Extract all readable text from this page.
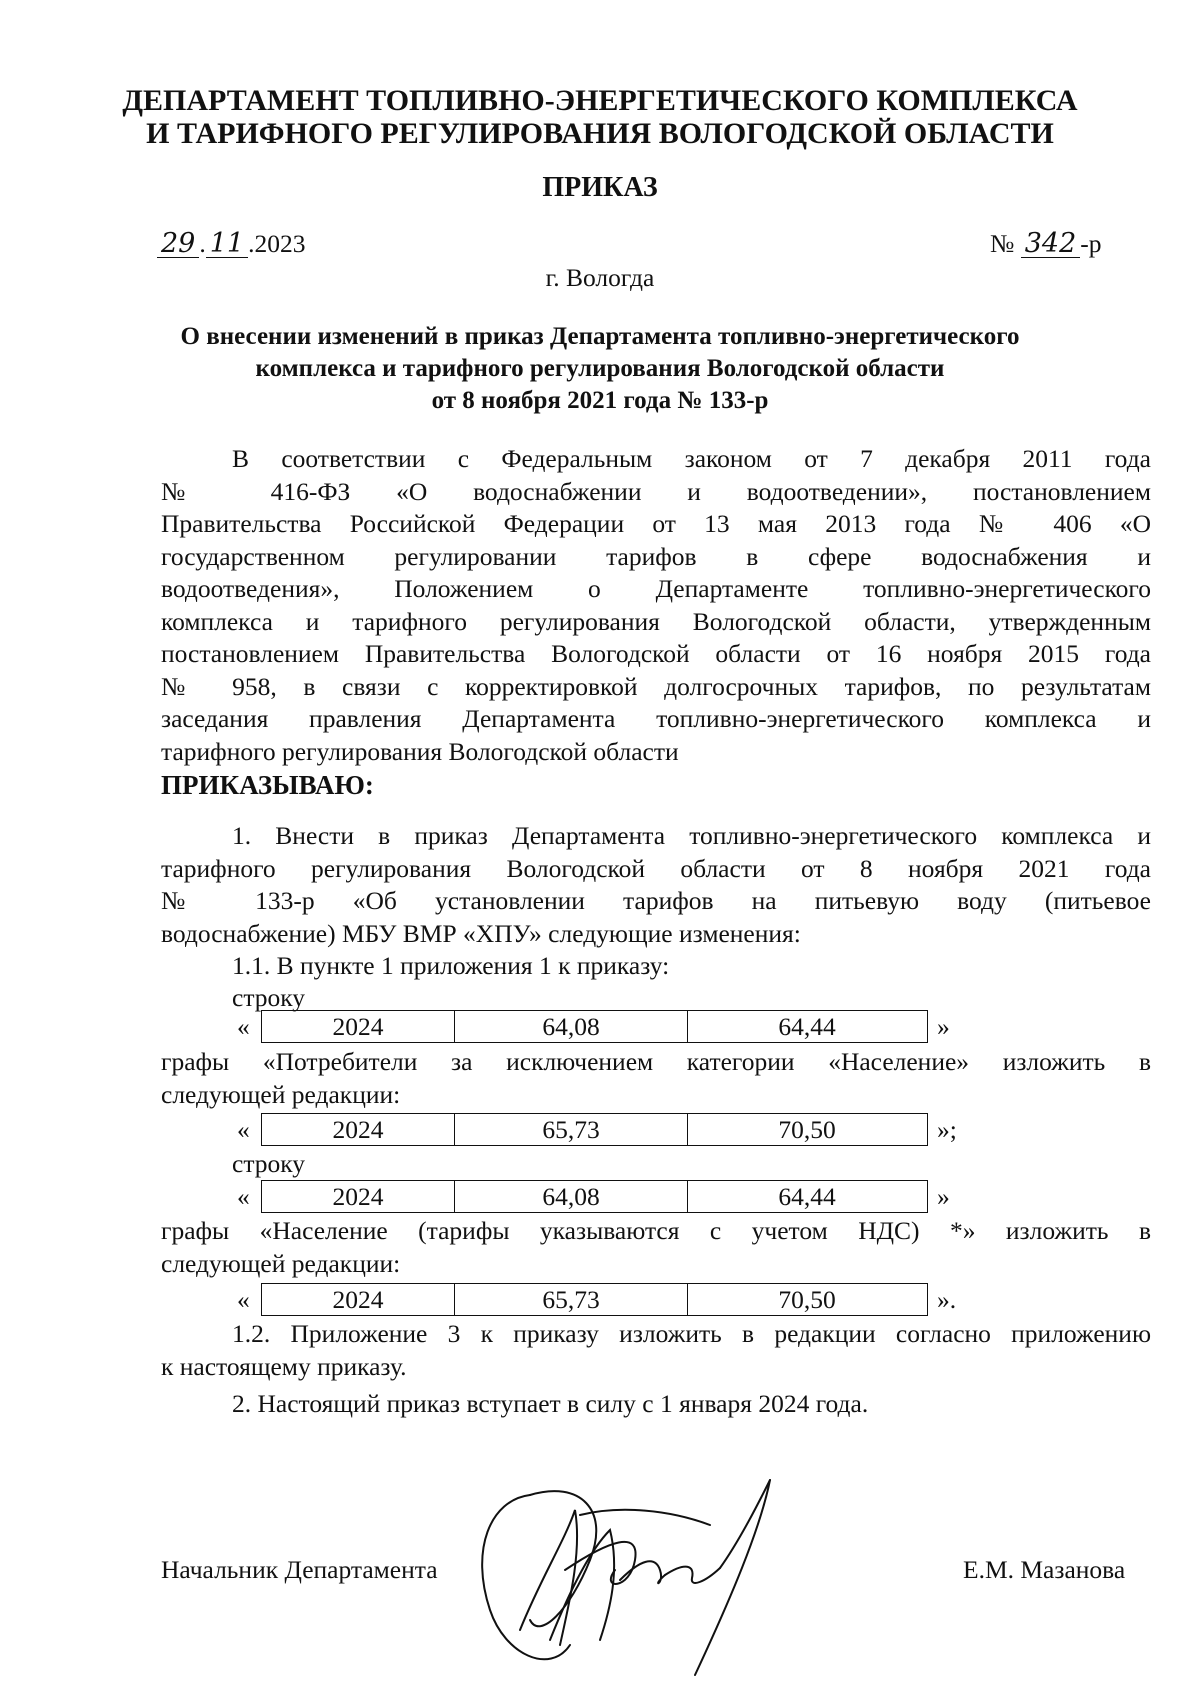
ДЕПАРТАМЕНТ ТОПЛИВНО-ЭНЕРГЕТИЧЕСКОГО КОМПЛЕКСА
И ТАРИФНОГО РЕГУЛИРОВАНИЯ ВОЛОГОДСКОЙ ОБЛАСТИ
ПРИКАЗ
29 . 11 .2023	№ 342 -р
г. Вологда
О внесении изменений в приказ Департамента топливно-энергетического
комплекса и тарифного регулирования Вологодской области
от 8 ноября 2021 года № 133-р
В соответствии с Федеральным законом от 7 декабря 2011 года
№ 416-ФЗ «О водоснабжении и водоотведении», постановлением
Правительства Российской Федерации от 13 мая 2013 года № 406 «О
государственном регулировании тарифов в сфере водоснабжения и
водоотведения», Положением о Департаменте топливно-энергетического
комплекса и тарифного регулирования Вологодской области, утвержденным
постановлением Правительства Вологодской области от 16 ноября 2015 года
№ 958, в связи с корректировкой долгосрочных тарифов, по результатам
заседания правления Департамента топливно-энергетического комплекса и
тарифного регулирования Вологодской области
ПРИКАЗЫВАЮ:
1. Внести в приказ Департамента топливно-энергетического комплекса и
тарифного регулирования Вологодской области от 8 ноября 2021 года
№ 133-р «Об установлении тарифов на питьевую воду (питьевое
водоснабжение) МБУ ВМР «ХПУ» следующие изменения:
1.1. В пункте 1 приложения 1 к приказу:
строку
«	2024	64,08	64,44	»
графы «Потребители за исключением категории «Население» изложить в
следующей редакции:
«	2024	65,73	70,50	»;
строку
«	2024	64,08	64,44	»
графы «Население (тарифы указываются с учетом НДС) *» изложить в
следующей редакции:
«	2024	65,73	70,50	».
1.2. Приложение 3 к приказу изложить в редакции согласно приложению
к настоящему приказу.
2. Настоящий приказ вступает в силу с 1 января 2024 года.
Начальник Департамента	Е.М. Мазанова
